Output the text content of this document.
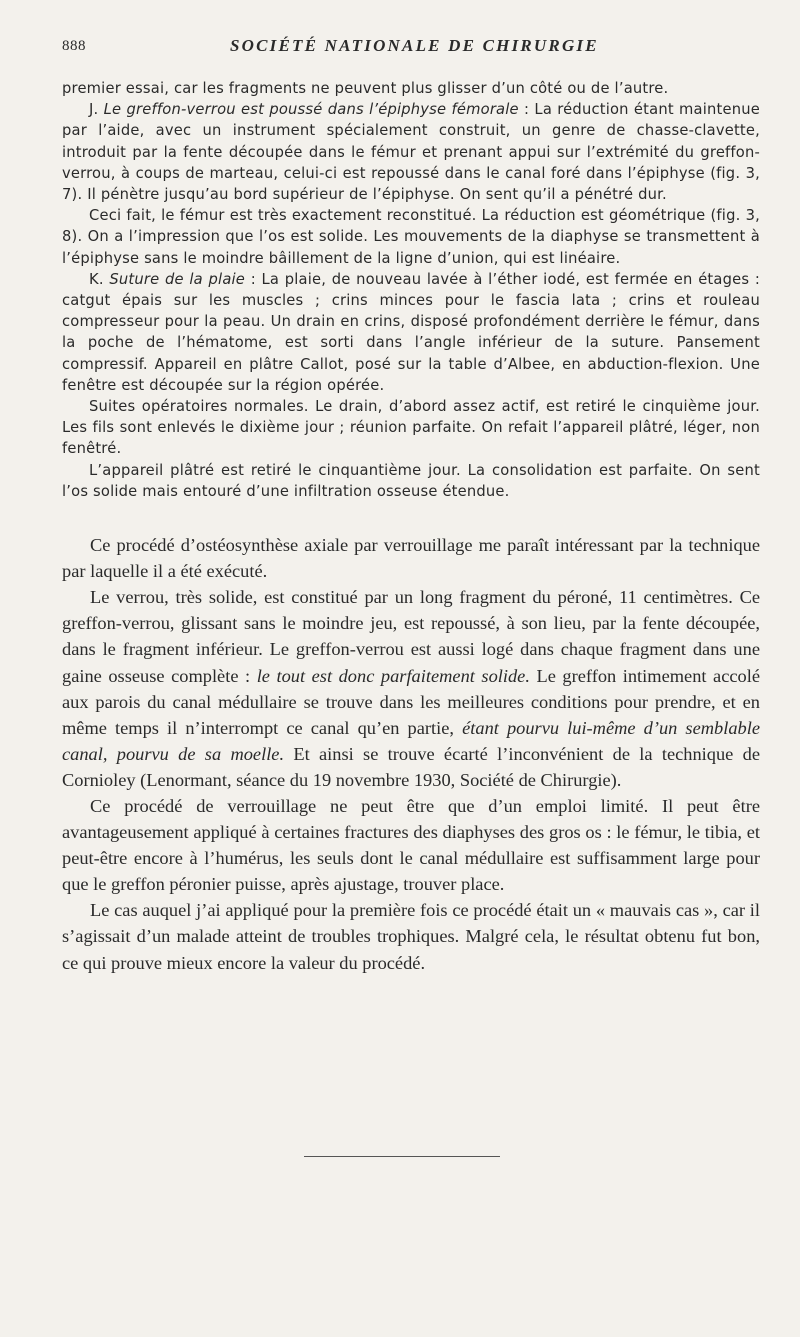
888	SOCIÉTÉ NATIONALE DE CHIRURGIE

premier essai, car les fragments ne peuvent plus glisser d’un côté ou de l’autre.

J. Le greffon-verrou est poussé dans l’épiphyse fémorale : La réduction étant maintenue par l’aide, avec un instrument spécialement construit, un genre de chasse-clavette, introduit par la fente découpée dans le fémur et prenant appui sur l’extrémité du greffon-verrou, à coups de marteau, celui-ci est repoussé dans le canal foré dans l’épiphyse (fig. 3, 7). Il pénètre jusqu’au bord supérieur de l’épiphyse. On sent qu’il a pénétré dur.

Ceci fait, le fémur est très exactement reconstitué. La réduction est géométrique (fig. 3, 8). On a l’impression que l’os est solide. Les mouvements de la diaphyse se transmettent à l’épiphyse sans le moindre bâillement de la ligne d’union, qui est linéaire.

K. Suture de la plaie : La plaie, de nouveau lavée à l’éther iodé, est fermée en étages : catgut épais sur les muscles ; crins minces pour le fascia lata ; crins et rouleau compresseur pour la peau. Un drain en crins, disposé profondément derrière le fémur, dans la poche de l’hématome, est sorti dans l’angle inférieur de la suture. Pansement compressif. Appareil en plâtre Callot, posé sur la table d’Albee, en abduction-flexion. Une fenêtre est découpée sur la région opérée.

Suites opératoires normales. Le drain, d’abord assez actif, est retiré le cinquième jour. Les fils sont enlevés le dixième jour ; réunion parfaite. On refait l’appareil plâtré, léger, non fenêtré.

L’appareil plâtré est retiré le cinquantième jour. La consolidation est parfaite. On sent l’os solide mais entouré d’une infiltration osseuse étendue.

Ce procédé d’ostéosynthèse axiale par verrouillage me paraît intéressant par la technique par laquelle il a été exécuté.

Le verrou, très solide, est constitué par un long fragment du péroné, 11 centimètres. Ce greffon-verrou, glissant sans le moindre jeu, est repoussé, à son lieu, par la fente découpée, dans le fragment inférieur. Le greffon-verrou est aussi logé dans chaque fragment dans une gaine osseuse complète : le tout est donc parfaitement solide. Le greffon intimement accolé aux parois du canal médullaire se trouve dans les meilleures conditions pour prendre, et en même temps il n’interrompt ce canal qu’en partie, étant pourvu lui-même d’un semblable canal, pourvu de sa moelle. Et ainsi se trouve écarté l’inconvénient de la technique de Cornioley (Lenormant, séance du 19 novembre 1930, Société de Chirurgie).

Ce procédé de verrouillage ne peut être que d’un emploi limité. Il peut être avantageusement appliqué à certaines fractures des diaphyses des gros os : le fémur, le tibia, et peut-être encore à l’humérus, les seuls dont le canal médullaire est suffisamment large pour que le greffon péronier puisse, après ajustage, trouver place.

Le cas auquel j’ai appliqué pour la première fois ce procédé était un « mauvais cas », car il s’agissait d’un malade atteint de troubles trophiques. Malgré cela, le résultat obtenu fut bon, ce qui prouve mieux encore la valeur du procédé.
